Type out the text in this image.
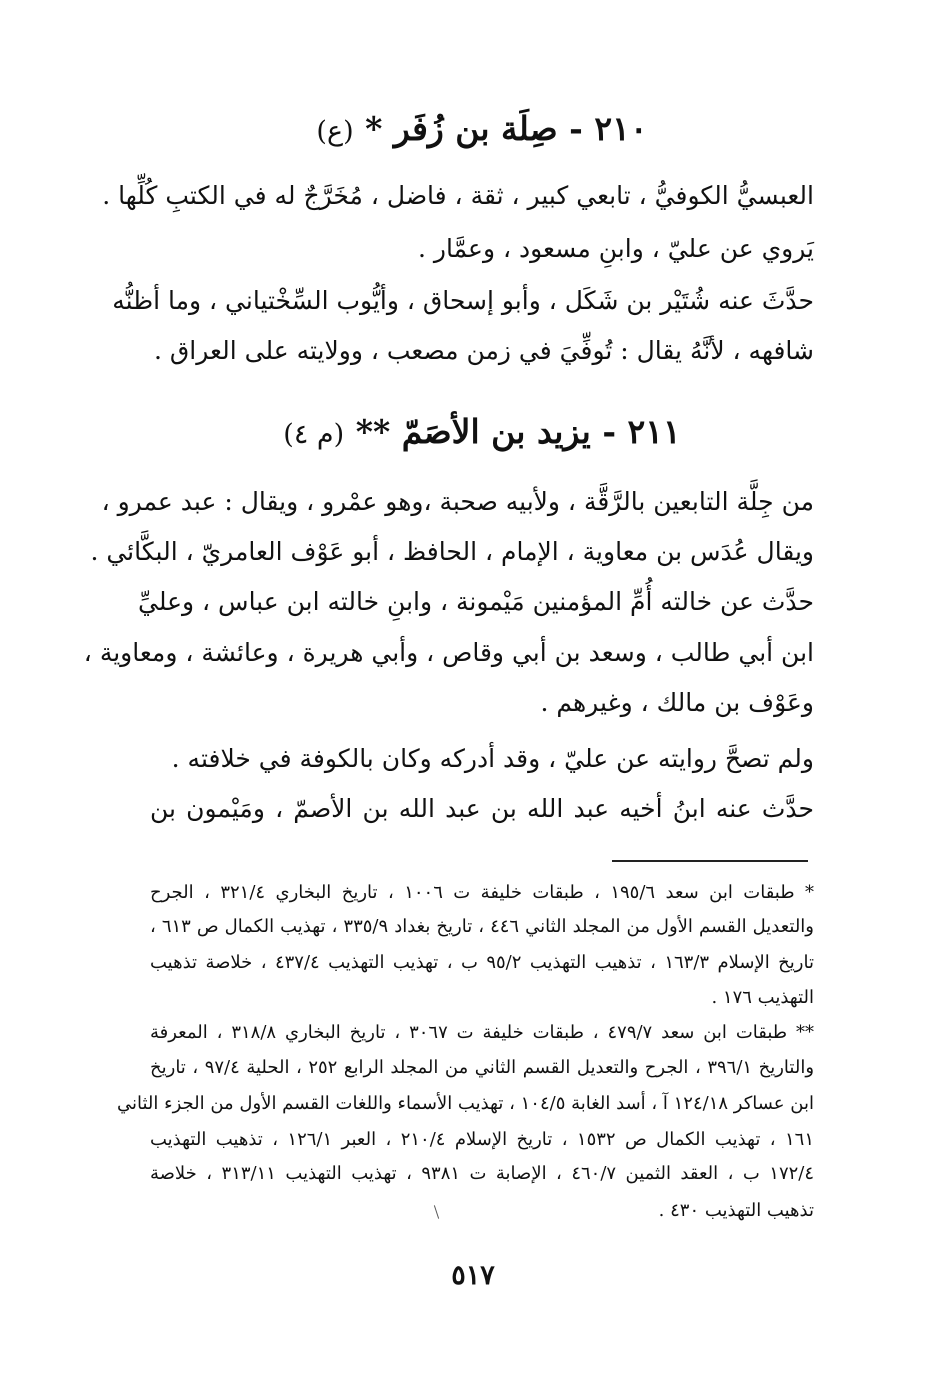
٢١٠ - صِلَة بن زُفَر * (ع)
العبسيُّ الكوفيُّ ، تابعي كبير ، ثقة ، فاضل ، مُخَرَّجٌ له في الكتبِ كُلِّها .
يَروي عن عليّ ، وابنِ مسعود ، وعمَّار .
حدَّثَ عنه شُتَيْر بن شَكَل ، وأبو إسحاق ، وأيُّوب السِّخْتياني ، وما أظنُّه
شافهه ، لأنَّهُ يقال : تُوفِّيَ في زمن مصعب ، وولايته على العراق .
٢١١ - يزيد بن الأصَمّ ** (م ٤)
من جِلَّة التابعين بالرَّقَّة ، ولأبيه صحبة ،وهو عمْرو ، ويقال : عبد عمرو ،
ويقال عُدَس بن معاوية ، الإمام ، الحافظ ، أبو عَوْف العامريّ ، البكَّائي .
حدَّث عن خالته أُمِّ المؤمنين مَيْمونة ، وابنِ خالته ابن عباس ، وعليِّ
ابن أبي طالب ، وسعد بن أبي وقاص ، وأبي هريرة ، وعائشة ، ومعاوية ،
وعَوْف بن مالك ، وغيرهم .
ولم تصحَّ روايته عن عليّ ، وقد أدركه وكان بالكوفة في خلافته .
حدَّث عنه ابنُ أخيه عبد الله بن عبد الله بن الأصمّ ، ومَيْمون بن
* طبقات ابن سعد ١٩٥/٦ ، طبقات خليفة ت ١٠٠٦ ، تاريخ البخاري ٣٢١/٤ ، الجرح
والتعديل القسم الأول من المجلد الثاني ٤٤٦ ، تاريخ بغداد ٣٣٥/٩ ، تهذيب الكمال ص ٦١٣ ،
تاريخ الإسلام ١٦٣/٣ ، تذهيب التهذيب ٩٥/٢ ب ، تهذيب التهذيب ٤٣٧/٤ ، خلاصة تذهيب
التهذيب ١٧٦ .
** طبقات ابن سعد ٤٧٩/٧ ، طبقات خليفة ت ٣٠٦٧ ، تاريخ البخاري ٣١٨/٨ ، المعرفة
والتاريخ ٣٩٦/١ ، الجرح والتعديل القسم الثاني من المجلد الرابع ٢٥٢ ، الحلية ٩٧/٤ ، تاريخ
ابن عساكر ١٢٤/١٨ آ ، أسد الغابة ١٠٤/٥ ، تهذيب الأسماء واللغات القسم الأول من الجزء الثاني
١٦١ ، تهذيب الكمال ص ١٥٣٢ ، تاريخ الإسلام ٢١٠/٤ ، العبر ١٢٦/١ ، تذهيب التهذيب
١٧٢/٤ ب ، العقد الثمين ٤٦٠/٧ ، الإصابة ت ٩٣٨١ ، تهذيب التهذيب ٣١٣/١١ ، خلاصة
تذهيب التهذيب ٤٣٠ .
٥١٧
